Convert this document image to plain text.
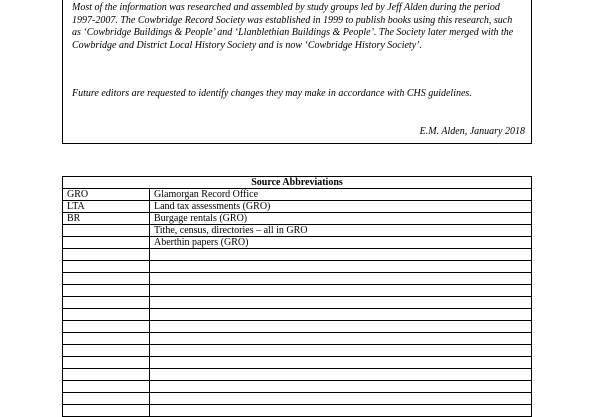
Most of the information was researched and assembled by study groups led by Jeff Alden during the period 1997-2007. The Cowbridge Record Society was established in 1999 to publish books using this research, such as ‘Cowbridge Buildings & People’ and ‘Llanblethian Buildings & People’. The Society later merged with the Cowbridge and District Local History Society and is now ‘Cowbridge History Society’.

Future editors are requested to identify changes they may make in accordance with CHS guidelines.

E.M. Alden, January 2018
Source Abbreviations	
GRO	Glamorgan Record Office
LTA	Land tax assessments (GRO)
BR	Burgage rentals (GRO)
	Tithe, census, directories – all in GRO
	Aberthin papers (GRO)
